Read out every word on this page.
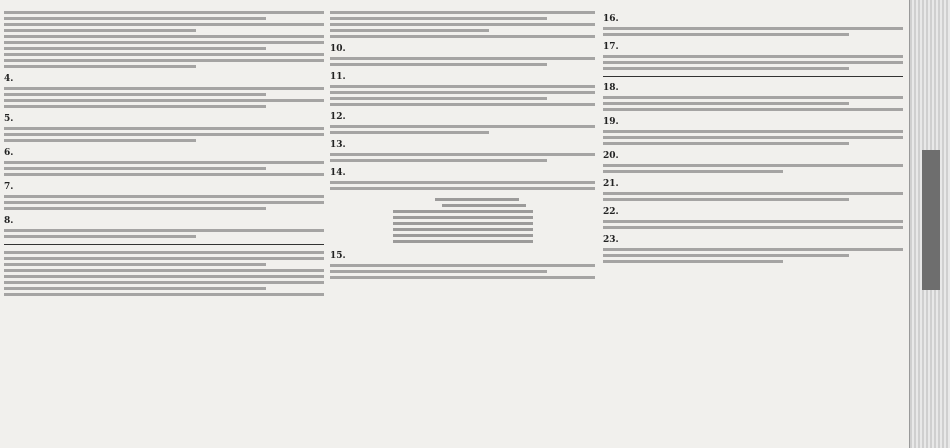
4.
5.
6.
7.
8.
10.
11.
12.
13.
14.
15.
16.
17.
18.
19.
20.
21.
22.
23.
